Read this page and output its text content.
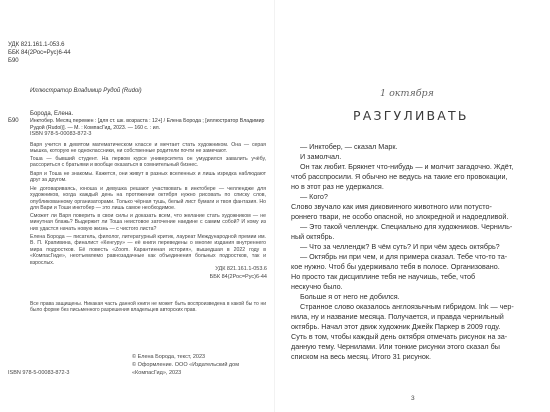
УДК 821.161.1-053.6
ББК 84(2Рос=Рус)6-44
Б90
Иллюстратор Владимир Рудой (Rudoi)
Борода, Елена.
Б90 Инктобер. Месяц перемен : [для ст. шк. возраста : 12+] / Елена Борода ; [иллюстратор Владимир Рудой (Rudoi)]. — М. : КомпасГид, 2023. — 160 с. : ил.
ISBN 978-5-00083-872-3
Варя учится в девятом математическом классе и мечтает стать художником. Она — серая мышка, которую не одноклассники, ни собственные родители почти не замечают.
Тоша — бывший студент. На первом курсе университета он умудрился завалить учёбу, рассориться с братьями и вообще оказаться в сомнительный бизнес.
Варя и Тоша не знакомы. Кажется, они живут в разных вселенных и лишь изредка наблюдают друг за другом.
Не договариваясь, юноша и девушка решают участвовать в инктобере — челлендже для художников, когда каждый день на протяжении октября нужно рисовать по списку слов, опубликованному организаторами. Только чёрная тушь, белый лист бумаги и твоя фантазия. Но для Вари и Тоши инктобер — это лишь самое необходимое.
Сможет ли Варя поверить в свои силы и доказать всем, что желание стать художником — не минутная блажь? Выдержит ли Тоша неистовое заточение наедине с самим собой? И кому из них удастся начать новую жизнь — с чистого листа?
Елена Борода — писатель, филолог, литературный критик, лауреат Международной премии им. В. П. Крапивина, финалист «Кенгуру» — её книги переведены о многие издания внутреннего мира подростков. Её повесть «Zoom. Карантинная история», вышедшая в 2022 году в «КомпасГиде», неотъемлемо равнозадачные как объединения больных подростков, так и взрослых.
УДК 821.161.1-053.6
ББК 84(2Рос=Рус)6-44
Все права защищены. Никакая часть данной книги не может быть воспроизведена в какой бы то ни было форме без письменного разрешения владельцев авторских прав.
© Елена Борода, текст, 2023
© Оформление. ООО «Издательский дом
«КомпасГид», 2023
ISBN 978-5-00083-872-3
1 октября
РАЗГУЛИВАТЬ
— Инктобер, — сказал Марк.
И замолчал.
Он так любит. Брякнет что-нибудь — и молчит загадочно. Ждёт,
чтоб расспросили. Я обычно не ведусь на такие его провокации,
но в этот раз не удержался.
— Кого?
Слово звучало как имя диковинного животного или потусто-
роннего твари, не особо опасной, но злокредной и надоедливой.
— Это такой челлендж. Специально для художников. Черниль-
ный октябрь.
— Что за челлендж? В чём суть? И при чём здесь октябрь?
— Октябрь ни при чем, и для примера сказал. Тебе что-то та-
кое нужно. Чтоб бы удерживало тебя в полосе. Организовано.
Но просто так дисциплине тебя не научишь, тебе, чтоб
нескучно было.
Больше я от него не добился.
Странное слово оказалось англоязычным гибридом. Ink — чер-
нила, ну и название месяца. Получается, и правда чернильный
октябрь. Начал этот движ художник Джейк Паркер в 2009 году.
Суть в том, чтобы каждый день октября отмечать рисунок на за-
данную тему. Чернилами. Или тонкие рисунки этого сказал бы
списком на весь месяц. Итого 31 рисунок.
3
